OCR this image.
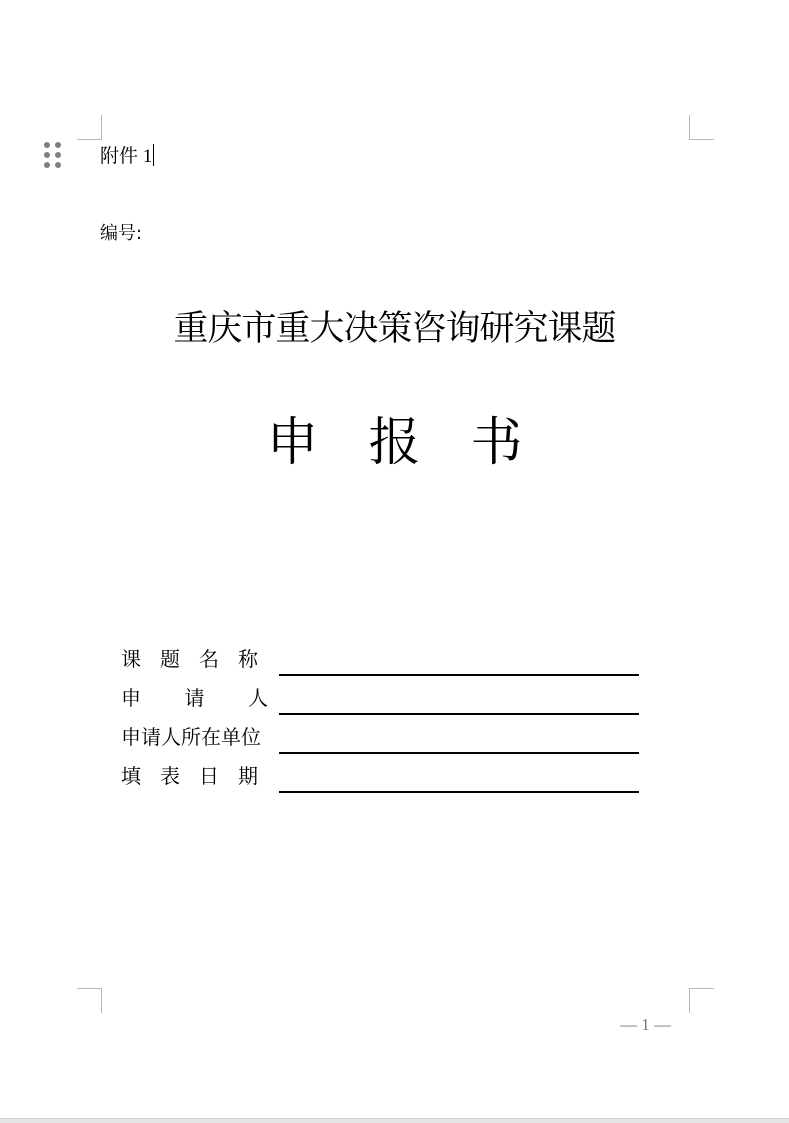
附件 1
编号:
重庆市重大决策咨询研究课题
申 报 书
课题名称
申 请 人
申请人所在单位
填表日期
— 1 —
